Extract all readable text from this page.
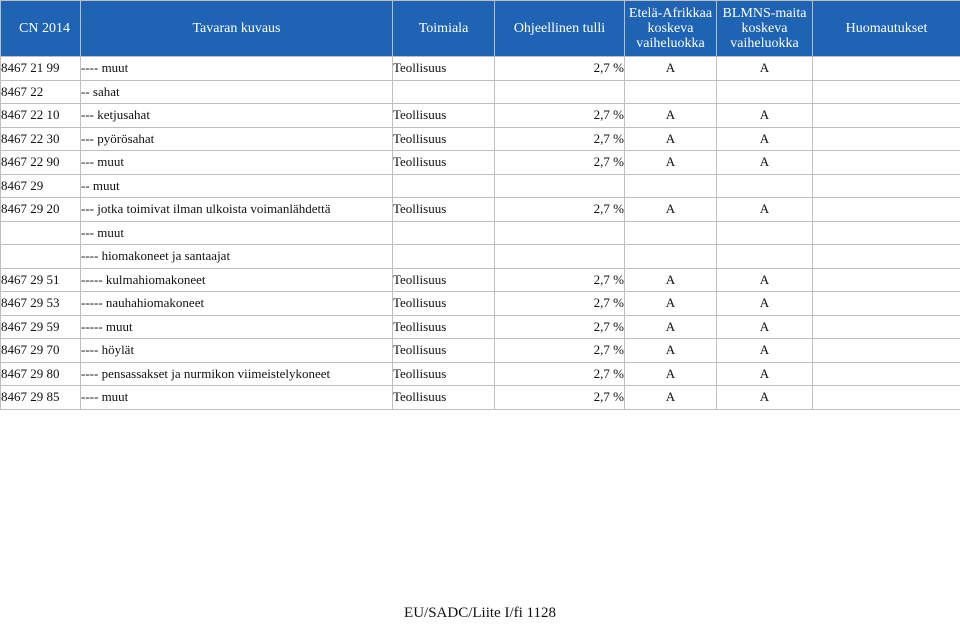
CN 2014	Tavaran kuvaus	Toimiala	Ohjeellinen tulli	Etelä-Afrikkaa
koskeva
vaiheluokka	BLMNS-maita
koskeva
vaiheluokka	Huomautukset
8467 21 99	---- muut	Teollisuus	2,7 %	A	A	
8467 22	-- sahat					
8467 22 10	--- ketjusahat	Teollisuus	2,7 %	A	A	
8467 22 30	--- pyörösahat	Teollisuus	2,7 %	A	A	
8467 22 90	--- muut	Teollisuus	2,7 %	A	A	
8467 29	-- muut					
8467 29 20	--- jotka toimivat ilman ulkoista voimanlähdettä	Teollisuus	2,7 %	A	A	
	--- muut					
	---- hiomakoneet ja santaajat					
8467 29 51	----- kulmahiomakoneet	Teollisuus	2,7 %	A	A	
8467 29 53	----- nauhahiomakoneet	Teollisuus	2,7 %	A	A	
8467 29 59	----- muut	Teollisuus	2,7 %	A	A	
8467 29 70	---- höylät	Teollisuus	2,7 %	A	A	
8467 29 80	---- pensassakset ja nurmikon viimeistelykoneet	Teollisuus	2,7 %	A	A	
8467 29 85	---- muut	Teollisuus	2,7 %	A	A	
EU/SADC/Liite I/fi 1128
